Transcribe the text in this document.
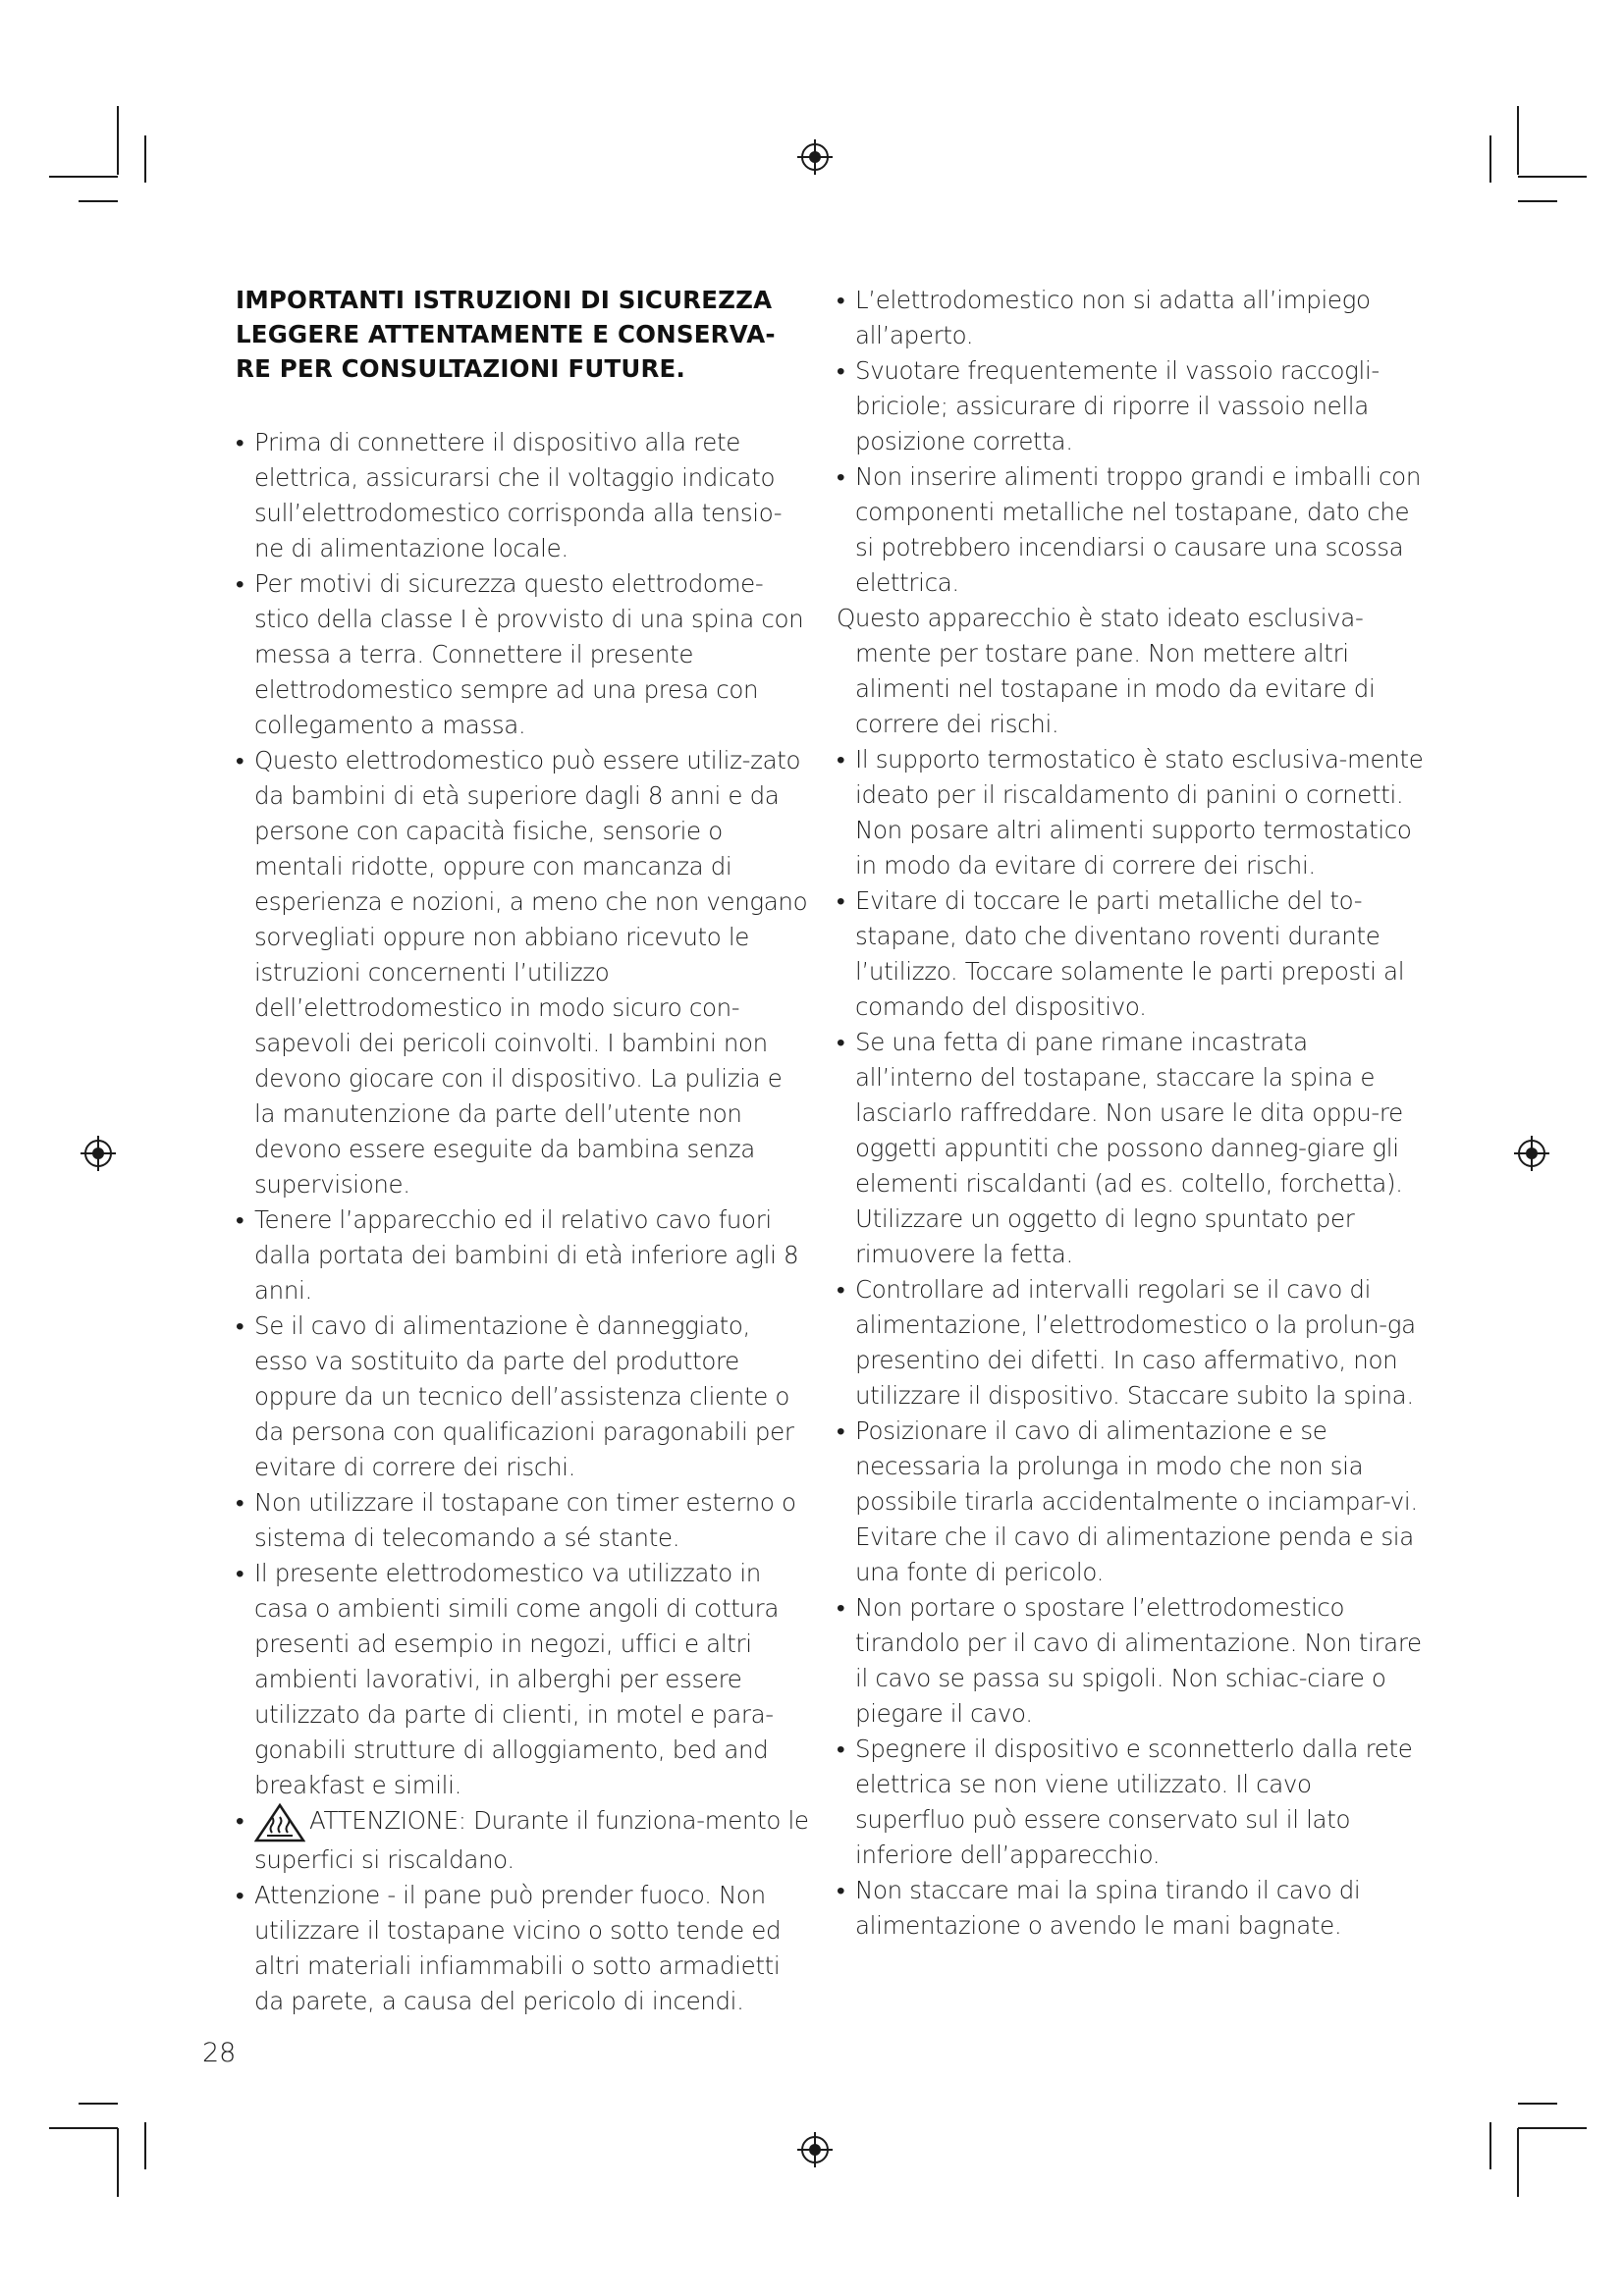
IMPORTANTI ISTRUZIONI DI SICUREZZA
LEGGERE ATTENTAMENTE E CONSERVA-
RE PER CONSULTAZIONI FUTURE.
• Prima di connettere il dispositivo alla rete elettrica, assicurarsi che il voltaggio indicato sull’elettrodomestico corrisponda alla tensio-ne di alimentazione locale.
• Per motivi di sicurezza questo elettrodome-stico della classe I è provvisto di una spina con messa a terra. Connettere il presente elettrodomestico sempre ad una presa con collegamento a massa.
• Questo elettrodomestico può essere utiliz-zato da bambini di età superiore dagli 8 anni e da persone con capacità fisiche, sensorie o mentali ridotte, oppure con mancanza di esperienza e nozioni, a meno che non vengano sorvegliati oppure non abbiano ricevuto le istruzioni concernenti l’utilizzo dell’elettrodomestico in modo sicuro con-sapevoli dei pericoli coinvolti. I bambini non devono giocare con il dispositivo. La pulizia e la manutenzione da parte dell’utente non devono essere eseguite da bambina senza supervisione.
• Tenere l’apparecchio ed il relativo cavo fuori dalla portata dei bambini di età inferiore agli 8 anni.
• Se il cavo di alimentazione è danneggiato, esso va sostituito da parte del produttore oppure da un tecnico dell’assistenza cliente o da persona con qualificazioni paragonabili per evitare di correre dei rischi.
• Non utilizzare il tostapane con timer esterno o sistema di telecomando a sé stante.
• Il presente elettrodomestico va utilizzato in casa o ambienti simili come angoli di cottura presenti ad esempio in negozi, uffici e altri ambienti lavorativi, in alberghi per essere utilizzato da parte di clienti, in motel e para-gonabili strutture di alloggiamento, bed and breakfast e simili.
• ATTENZIONE: Durante il funziona-mento le superfici si riscaldano.
• Attenzione - il pane può prender fuoco. Non utilizzare il tostapane vicino o sotto tende ed altri materiali infiammabili o sotto armadietti da parete, a causa del pericolo di incendi.
• L’elettrodomestico non si adatta all’impiego all’aperto.
• Svuotare frequentemente il vassoio raccogli-briciole; assicurare di riporre il vassoio nella posizione corretta.
• Non inserire alimenti troppo grandi e imballi con componenti metalliche nel tostapane, dato che si potrebbero incendiarsi o causare una scossa elettrica.
Questo apparecchio è stato ideato esclusiva-mente per tostare pane. Non mettere altri alimenti nel tostapane in modo da evitare di correre dei rischi.
• Il supporto termostatico è stato esclusiva-mente ideato per il riscaldamento di panini o cornetti. Non posare altri alimenti supporto termostatico in modo da evitare di correre dei rischi.
• Evitare di toccare le parti metalliche del to-stapane, dato che diventano roventi durante l’utilizzo. Toccare solamente le parti preposti al comando del dispositivo.
• Se una fetta di pane rimane incastrata all’interno del tostapane, staccare la spina e lasciarlo raffreddare. Non usare le dita oppu-re oggetti appuntiti che possono danneg-giare gli elementi riscaldanti (ad es. coltello, forchetta). Utilizzare un oggetto di legno spuntato per rimuovere la fetta.
• Controllare ad intervalli regolari se il cavo di alimentazione, l’elettrodomestico o la prolun-ga presentino dei difetti. In caso affermativo, non utilizzare il dispositivo. Staccare subito la spina.
• Posizionare il cavo di alimentazione e se necessaria la prolunga in modo che non sia possibile tirarla accidentalmente o inciampar-vi. Evitare che il cavo di alimentazione penda e sia una fonte di pericolo.
• Non portare o spostare l’elettrodomestico tirandolo per il cavo di alimentazione. Non tirare il cavo se passa su spigoli. Non schiac-ciare o piegare il cavo.
• Spegnere il dispositivo e sconnetterlo dalla rete elettrica se non viene utilizzato. Il cavo superfluo può essere conservato sul il lato inferiore dell’apparecchio.
• Non staccare mai la spina tirando il cavo di alimentazione o avendo le mani bagnate.
28
